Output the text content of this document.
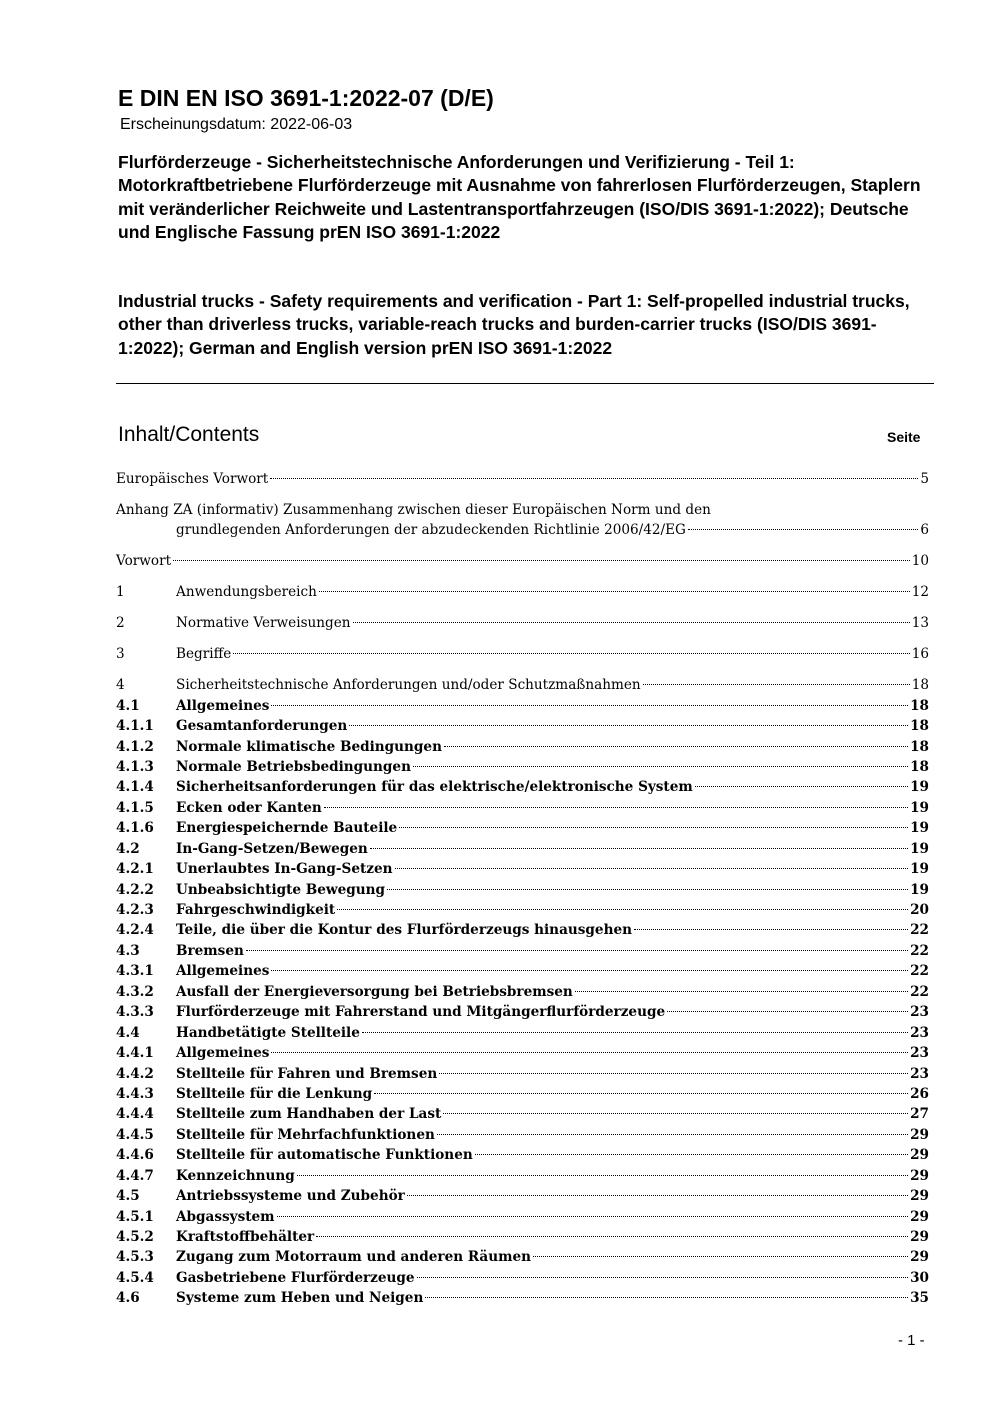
E DIN EN ISO 3691-1:2022-07 (D/E)
Erscheinungsdatum: 2022-06-03
Flurförderzeuge - Sicherheitstechnische Anforderungen und Verifizierung - Teil 1: Motorkraftbetriebene Flurförderzeuge mit Ausnahme von fahrerlosen Flurförderzeugen, Staplern mit veränderlicher Reichweite und Lastentransportfahrzeugen (ISO/DIS 3691-1:2022); Deutsche und Englische Fassung prEN ISO 3691-1:2022
Industrial trucks - Safety requirements and verification - Part 1: Self-propelled industrial trucks, other than driverless trucks, variable-reach trucks and burden-carrier trucks (ISO/DIS 3691-1:2022); German and English version prEN ISO 3691-1:2022
Inhalt/Contents	Seite
Europäisches Vorwort	5
Anhang ZA (informativ) Zusammenhang zwischen dieser Europäischen Norm und den
grundlegenden Anforderungen der abzudeckenden Richtlinie 2006/42/EG	6
Vorwort	10
1	Anwendungsbereich	12
2	Normative Verweisungen	13
3	Begriffe	16
4	Sicherheitstechnische Anforderungen und/oder Schutzmaßnahmen	18
4.1	Allgemeines	18
4.1.1 Gesamtanforderungen	18
4.1.2 Normale klimatische Bedingungen	18
4.1.3 Normale Betriebsbedingungen	18
4.1.4 Sicherheitsanforderungen für das elektrische/elektronische System	19
4.1.5 Ecken oder Kanten	19
4.1.6 Energiespeichernde Bauteile	19
4.2	In-Gang-Setzen/Bewegen	19
4.2.1 Unerlaubtes In-Gang-Setzen	19
4.2.2 Unbeabsichtigte Bewegung	19
4.2.3 Fahrgeschwindigkeit	20
4.2.4 Teile, die über die Kontur des Flurförderzeugs hinausgehen	22
4.3	Bremsen	22
4.3.1 Allgemeines	22
4.3.2 Ausfall der Energieversorgung bei Betriebsbremsen	22
4.3.3 Flurförderzeuge mit Fahrerstand und Mitgängerflurförderzeuge	23
4.4	Handbetätigte Stellteile	23
4.4.1 Allgemeines	23
4.4.2 Stellteile für Fahren und Bremsen	23
4.4.3 Stellteile für die Lenkung	26
4.4.4 Stellteile zum Handhaben der Last	27
4.4.5 Stellteile für Mehrfachfunktionen	29
4.4.6 Stellteile für automatische Funktionen	29
4.4.7 Kennzeichnung	29
4.5	Antriebssysteme und Zubehör	29
4.5.1 Abgassystem	29
4.5.2 Kraftstoffbehälter	29
4.5.3 Zugang zum Motorraum und anderen Räumen	29
4.5.4 Gasbetriebene Flurförderzeuge	30
4.6	Systeme zum Heben und Neigen	35
- 1 -
